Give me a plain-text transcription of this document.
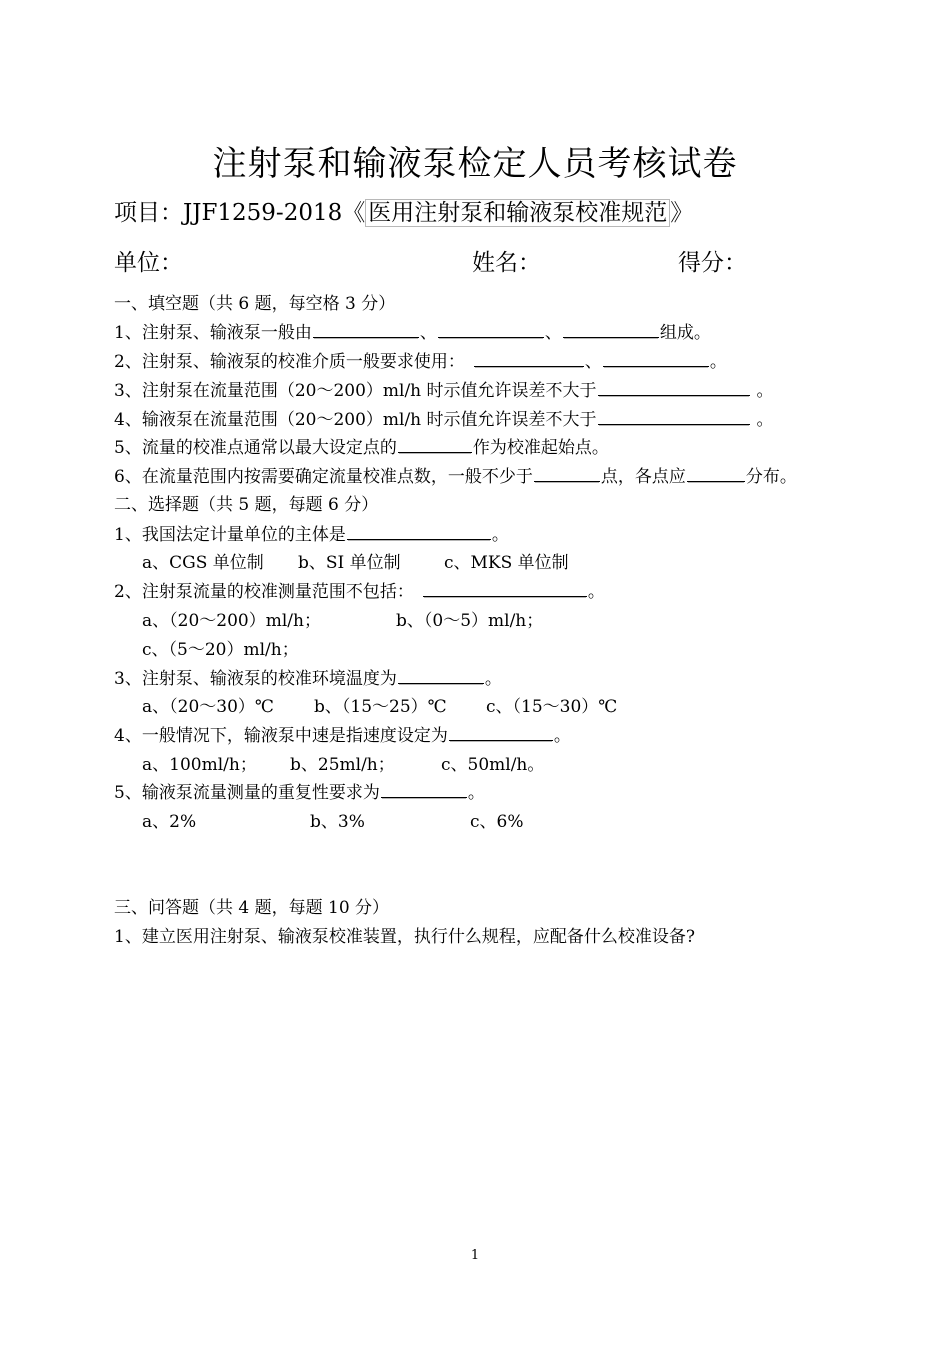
注射泵和输液泵检定人员考核试卷
项目：JJF1259-2018《 医用注射泵和输液泵校准规范 》
单位：	姓名：	得分：
一、填空题（共 6 题，每空格 3 分）
1、注射泵、输液泵一般由	、	、	组成。
2、注射泵、输液泵的校准介质一般要求使用：	、	。
3、注射泵在流量范围（20～200）ml/h 时示值允许误差不大于	。
4、输液泵在流量范围（20～200）ml/h 时示值允许误差不大于	。
5、流量的校准点通常以最大设定点的	作为校准起始点。
6、在流量范围内按需要确定流量校准点数，一般不少于	点，各点应	分布。
二、选择题（共 5 题，每题 6 分）
1、我国法定计量单位的主体是	。
a、CGS 单位制 b、SI 单位制	c、MKS 单位制
2、注射泵流量的校准测量范围不包括：	。
a、（20～200）ml/h；	b、（0～5）ml/h；
c、（5～20）ml/h；
3、注射泵、输液泵的校准环境温度为	。
a、（20～30）℃ b、（15～25）℃ c、（15～30）℃
4、一般情况下，输液泵中速是指速度设定为	。
a、100ml/h； b、25ml/h；	c、50ml/h。
5、输液泵流量测量的重复性要求为	。
a、2%	b、3%	c、6%
三、问答题（共 4 题，每题 10 分）
1、建立医用注射泵、输液泵校准装置，执行什么规程，应配备什么校准设备?
1
